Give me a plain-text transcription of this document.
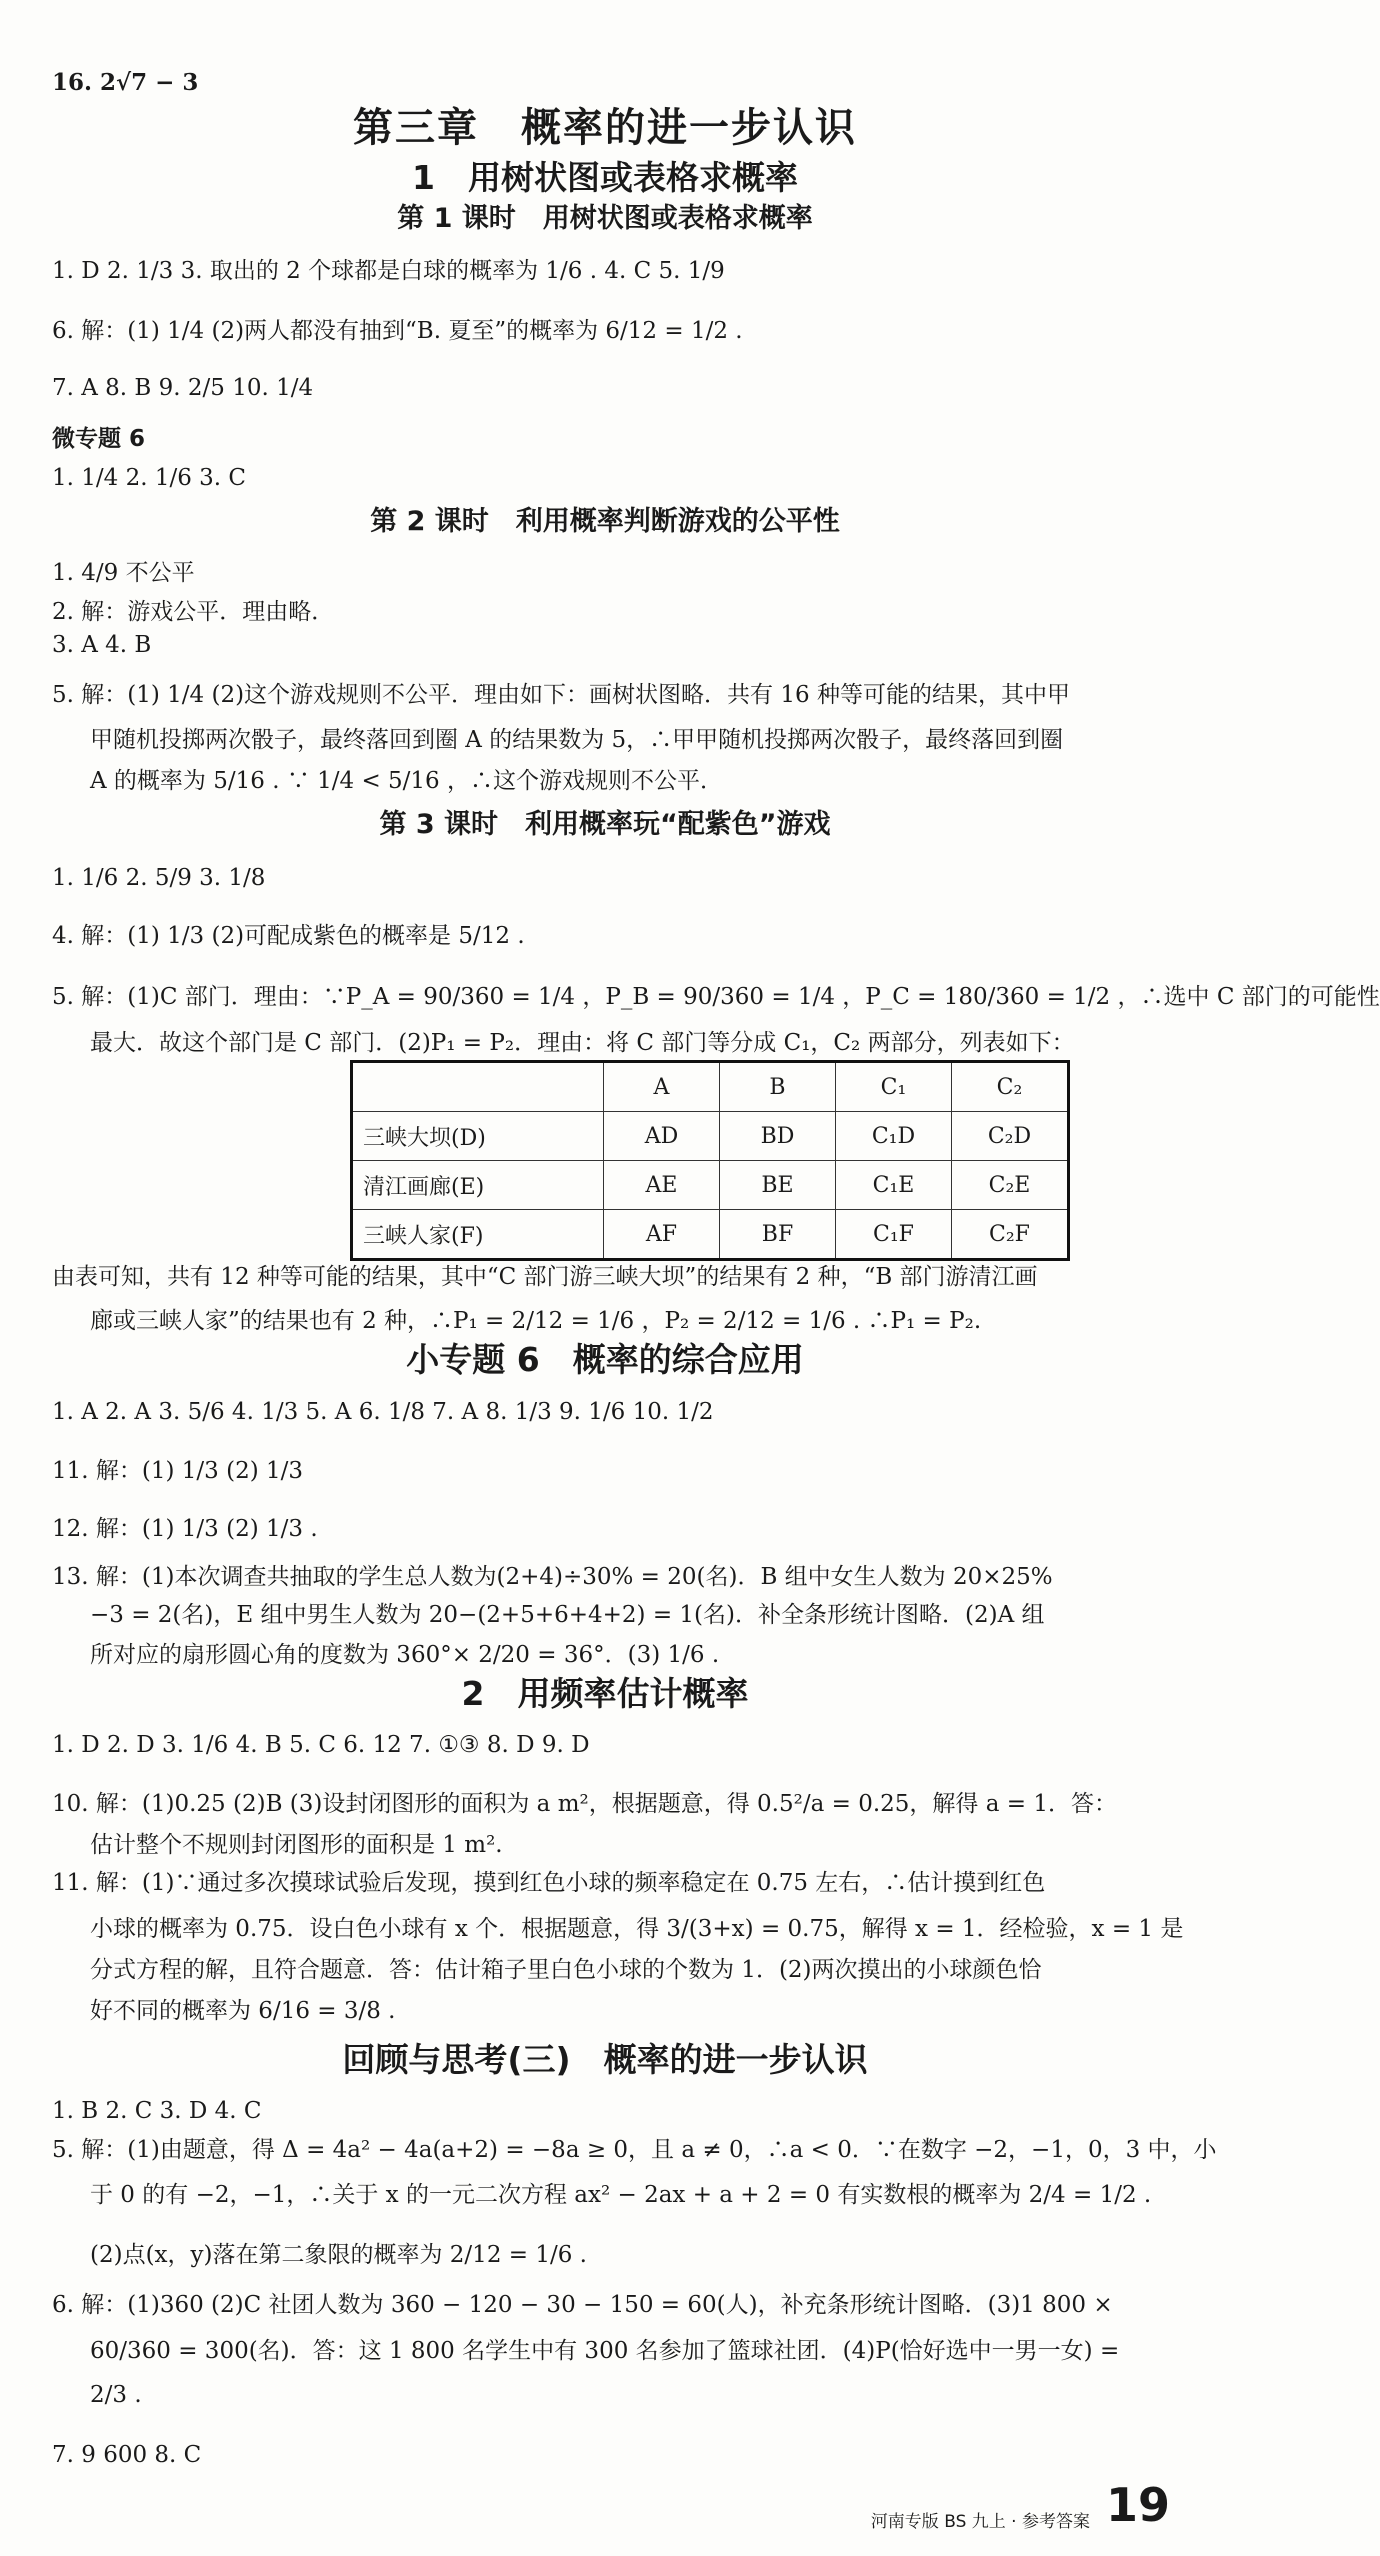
16. 2√7 − 3
第三章　概率的进一步认识
1　用树状图或表格求概率
第 1 课时　用树状图或表格求概率
1. D 2. 1/3 3. 取出的 2 个球都是白球的概率为 1/6 . 4. C 5. 1/9
6. 解：(1) 1/4 (2)两人都没有抽到“B. 夏至”的概率为 6/12 = 1/2 .
7. A 8. B 9. 2/5 10. 1/4
微专题 6
1. 1/4 2. 1/6 3. C
第 2 课时　利用概率判断游戏的公平性
1. 4/9 不公平
2. 解：游戏公平．理由略．
3. A 4. B
5. 解：(1) 1/4 (2)这个游戏规则不公平．理由如下：画树状图略．共有 16 种等可能的结果，其中甲
甲随机投掷两次骰子，最终落回到圈 A 的结果数为 5，∴甲甲随机投掷两次骰子，最终落回到圈
A 的概率为 5/16 . ∵ 1/4 < 5/16 ，∴这个游戏规则不公平．
第 3 课时　利用概率玩“配紫色”游戏
1. 1/6 2. 5/9 3. 1/8
4. 解：(1) 1/3 (2)可配成紫色的概率是 5/12 .
5. 解：(1)C 部门．理由：∵P_A = 90/360 = 1/4 ，P_B = 90/360 = 1/4 ，P_C = 180/360 = 1/2 ，∴选中 C 部门的可能性
最大．故这个部门是 C 部门．(2)P₁ = P₂．理由：将 C 部门等分成 C₁，C₂ 两部分，列表如下：
	A	B	C₁	C₂
三峡大坝(D)	AD	BD	C₁D	C₂D
清江画廊(E)	AE	BE	C₁E	C₂E
三峡人家(F)	AF	BF	C₁F	C₂F
由表可知，共有 12 种等可能的结果，其中“C 部门游三峡大坝”的结果有 2 种，“B 部门游清江画
廊或三峡人家”的结果也有 2 种，∴P₁ = 2/12 = 1/6 ，P₂ = 2/12 = 1/6 . ∴P₁ = P₂.
小专题 6　概率的综合应用
1. A 2. A 3. 5/6 4. 1/3 5. A 6. 1/8 7. A 8. 1/3 9. 1/6 10. 1/2
11. 解：(1) 1/3 (2) 1/3
12. 解：(1) 1/3 (2) 1/3 .
13. 解：(1)本次调查共抽取的学生总人数为(2+4)÷30% = 20(名)．B 组中女生人数为 20×25%
−3 = 2(名)，E 组中男生人数为 20−(2+5+6+4+2) = 1(名)．补全条形统计图略．(2)A 组
所对应的扇形圆心角的度数为 360°× 2/20 = 36°．(3) 1/6 .
2　用频率估计概率
1. D 2. D 3. 1/6 4. B 5. C 6. 12 7. ①③ 8. D 9. D
10. 解：(1)0.25 (2)B (3)设封闭图形的面积为 a m²，根据题意，得 0.5²/a = 0.25，解得 a = 1．答：
估计整个不规则封闭图形的面积是 1 m².
11. 解：(1)∵通过多次摸球试验后发现，摸到红色小球的频率稳定在 0.75 左右，∴估计摸到红色
小球的概率为 0.75．设白色小球有 x 个．根据题意，得 3/(3+x) = 0.75，解得 x = 1．经检验，x = 1 是
分式方程的解，且符合题意．答：估计箱子里白色小球的个数为 1．(2)两次摸出的小球颜色恰
好不同的概率为 6/16 = 3/8 .
回顾与思考(三)　概率的进一步认识
1. B 2. C 3. D 4. C
5. 解：(1)由题意，得 Δ = 4a² − 4a(a+2) = −8a ≥ 0，且 a ≠ 0，∴a < 0．∵在数字 −2，−1，0，3 中，小
于 0 的有 −2，−1，∴关于 x 的一元二次方程 ax² − 2ax + a + 2 = 0 有实数根的概率为 2/4 = 1/2 .
(2)点(x，y)落在第二象限的概率为 2/12 = 1/6 .
6. 解：(1)360 (2)C 社团人数为 360 − 120 − 30 − 150 = 60(人)，补充条形统计图略．(3)1 800 ×
60/360 = 300(名)．答：这 1 800 名学生中有 300 名参加了篮球社团．(4)P(恰好选中一男一女) =
2/3 .
7. 9 600 8. C
河南专版 BS 九上 · 参考答案 19
